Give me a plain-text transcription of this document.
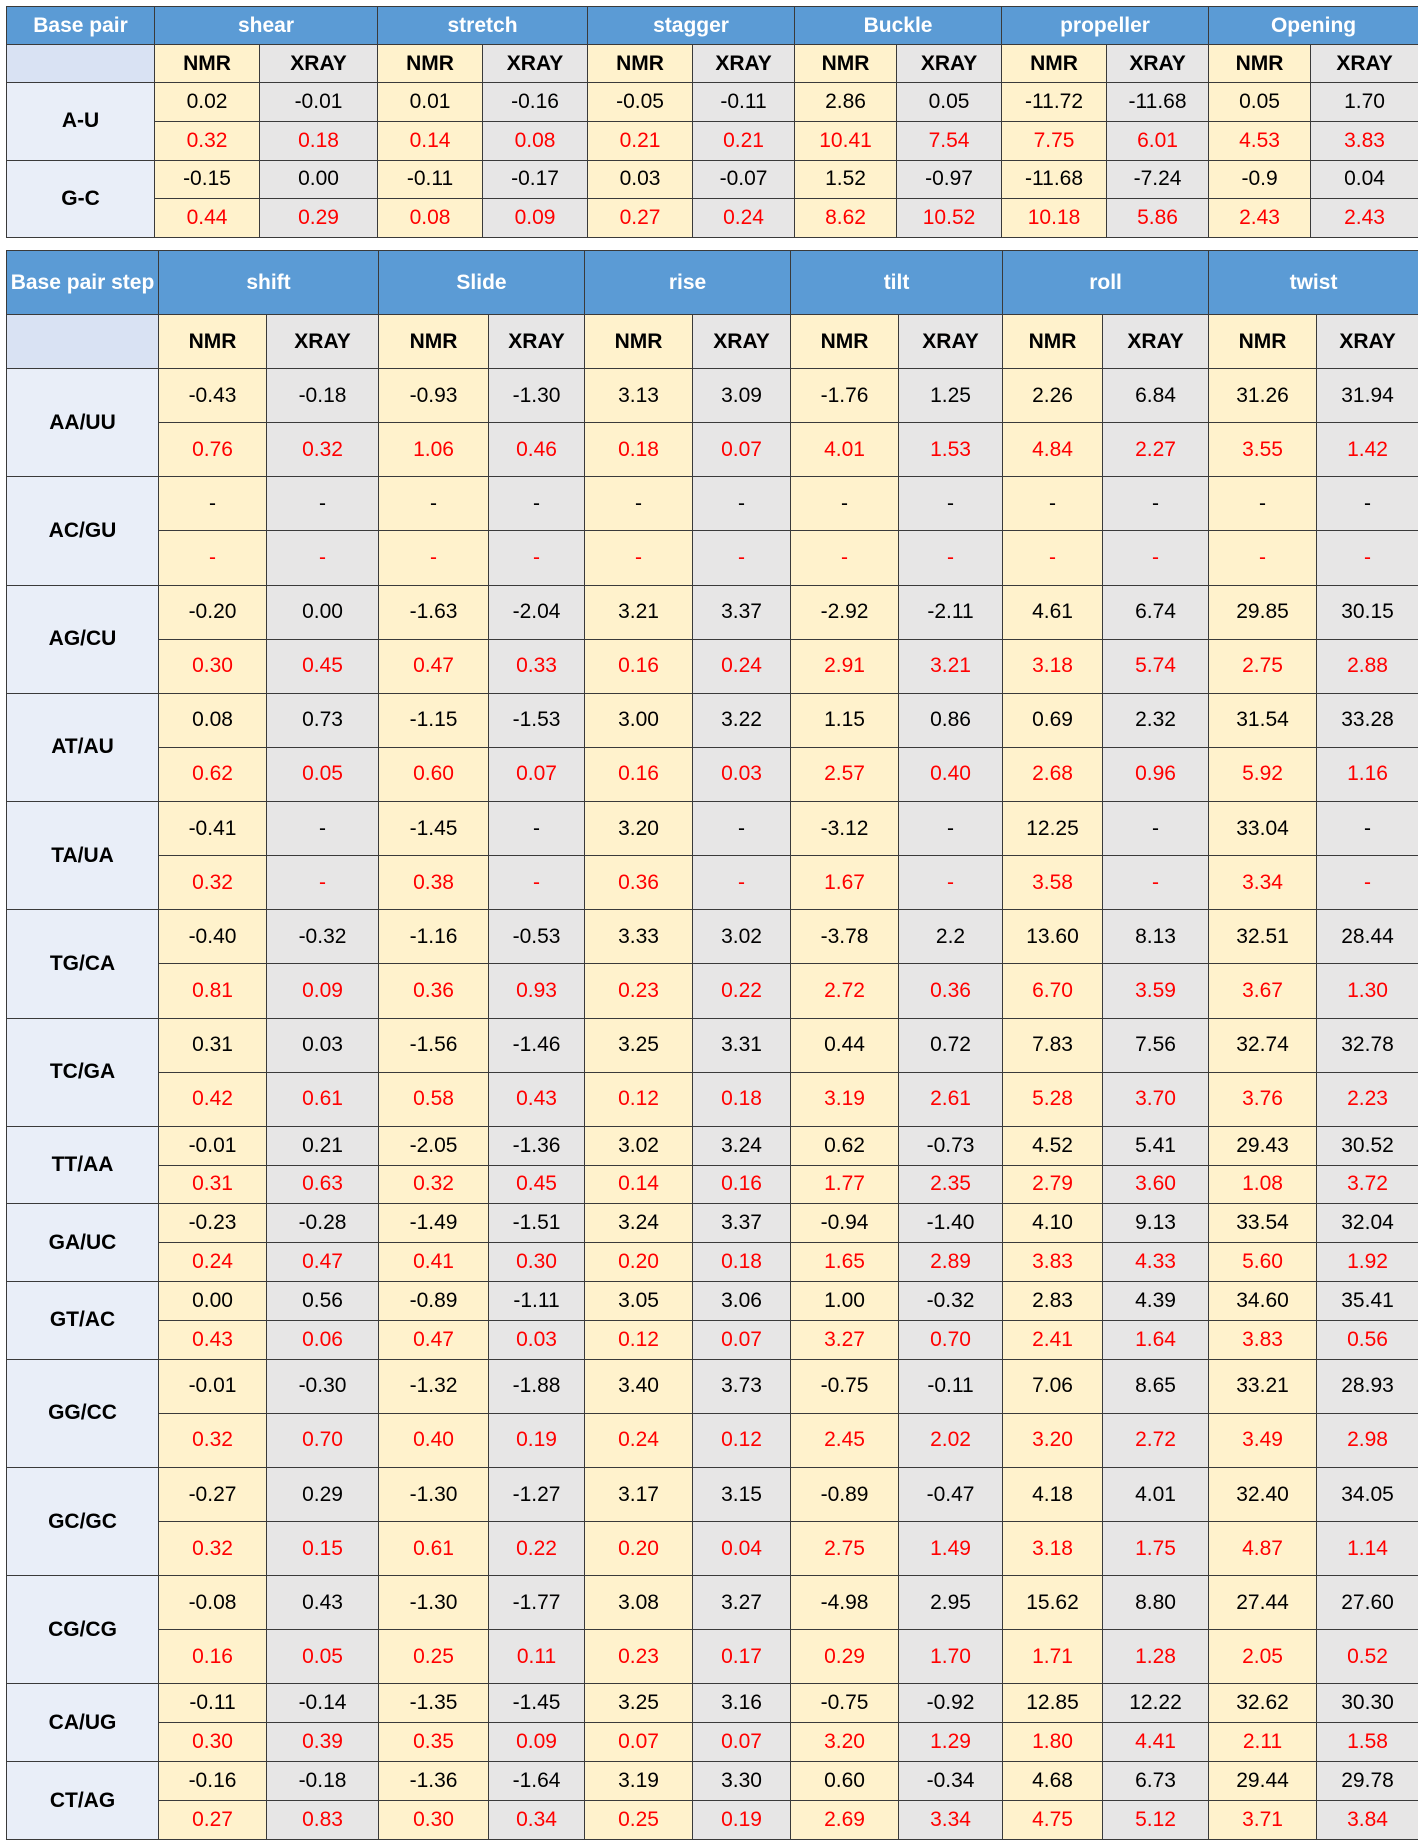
Base pair	shear		stretch		stagger		Buckle		propeller		Opening	
	NMR	XRAY	NMR	XRAY	NMR	XRAY	NMR	XRAY	NMR	XRAY	NMR	XRAY
A-U	0.02	-0.01	0.01	-0.16	-0.05	-0.11	2.86	0.05	-11.72	-11.68	0.05	1.70
	0.32	0.18	0.14	0.08	0.21	0.21	10.41	7.54	7.75	6.01	4.53	3.83
G-C	-0.15	0.00	-0.11	-0.17	0.03	-0.07	1.52	-0.97	-11.68	-7.24	-0.9	0.04
	0.44	0.29	0.08	0.09	0.27	0.24	8.62	10.52	10.18	5.86	2.43	2.43
Base pair step	shift		Slide		rise		tilt		roll		twist	
	NMR	XRAY	NMR	XRAY	NMR	XRAY	NMR	XRAY	NMR	XRAY	NMR	XRAY
AA/UU	-0.43	-0.18	-0.93	-1.30	3.13	3.09	-1.76	1.25	2.26	6.84	31.26	31.94
	0.76	0.32	1.06	0.46	0.18	0.07	4.01	1.53	4.84	2.27	3.55	1.42
AC/GU	-	-	-	-	-	-	-	-	-	-	-	-
	-	-	-	-	-	-	-	-	-	-	-	-
AG/CU	-0.20	0.00	-1.63	-2.04	3.21	3.37	-2.92	-2.11	4.61	6.74	29.85	30.15
	0.30	0.45	0.47	0.33	0.16	0.24	2.91	3.21	3.18	5.74	2.75	2.88
AT/AU	0.08	0.73	-1.15	-1.53	3.00	3.22	1.15	0.86	0.69	2.32	31.54	33.28
	0.62	0.05	0.60	0.07	0.16	0.03	2.57	0.40	2.68	0.96	5.92	1.16
TA/UA	-0.41	-	-1.45	-	3.20	-	-3.12	-	12.25	-	33.04	-
	0.32	-	0.38	-	0.36	-	1.67	-	3.58	-	3.34	-
TG/CA	-0.40	-0.32	-1.16	-0.53	3.33	3.02	-3.78	2.2	13.60	8.13	32.51	28.44
	0.81	0.09	0.36	0.93	0.23	0.22	2.72	0.36	6.70	3.59	3.67	1.30
TC/GA	0.31	0.03	-1.56	-1.46	3.25	3.31	0.44	0.72	7.83	7.56	32.74	32.78
	0.42	0.61	0.58	0.43	0.12	0.18	3.19	2.61	5.28	3.70	3.76	2.23
TT/AA	-0.01	0.21	-2.05	-1.36	3.02	3.24	0.62	-0.73	4.52	5.41	29.43	30.52
	0.31	0.63	0.32	0.45	0.14	0.16	1.77	2.35	2.79	3.60	1.08	3.72
GA/UC	-0.23	-0.28	-1.49	-1.51	3.24	3.37	-0.94	-1.40	4.10	9.13	33.54	32.04
	0.24	0.47	0.41	0.30	0.20	0.18	1.65	2.89	3.83	4.33	5.60	1.92
GT/AC	0.00	0.56	-0.89	-1.11	3.05	3.06	1.00	-0.32	2.83	4.39	34.60	35.41
	0.43	0.06	0.47	0.03	0.12	0.07	3.27	0.70	2.41	1.64	3.83	0.56
GG/CC	-0.01	-0.30	-1.32	-1.88	3.40	3.73	-0.75	-0.11	7.06	8.65	33.21	28.93
	0.32	0.70	0.40	0.19	0.24	0.12	2.45	2.02	3.20	2.72	3.49	2.98
GC/GC	-0.27	0.29	-1.30	-1.27	3.17	3.15	-0.89	-0.47	4.18	4.01	32.40	34.05
	0.32	0.15	0.61	0.22	0.20	0.04	2.75	1.49	3.18	1.75	4.87	1.14
CG/CG	-0.08	0.43	-1.30	-1.77	3.08	3.27	-4.98	2.95	15.62	8.80	27.44	27.60
	0.16	0.05	0.25	0.11	0.23	0.17	0.29	1.70	1.71	1.28	2.05	0.52
CA/UG	-0.11	-0.14	-1.35	-1.45	3.25	3.16	-0.75	-0.92	12.85	12.22	32.62	30.30
	0.30	0.39	0.35	0.09	0.07	0.07	3.20	1.29	1.80	4.41	2.11	1.58
CT/AG	-0.16	-0.18	-1.36	-1.64	3.19	3.30	0.60	-0.34	4.68	6.73	29.44	29.78
	0.27	0.83	0.30	0.34	0.25	0.19	2.69	3.34	4.75	5.12	3.71	3.84
